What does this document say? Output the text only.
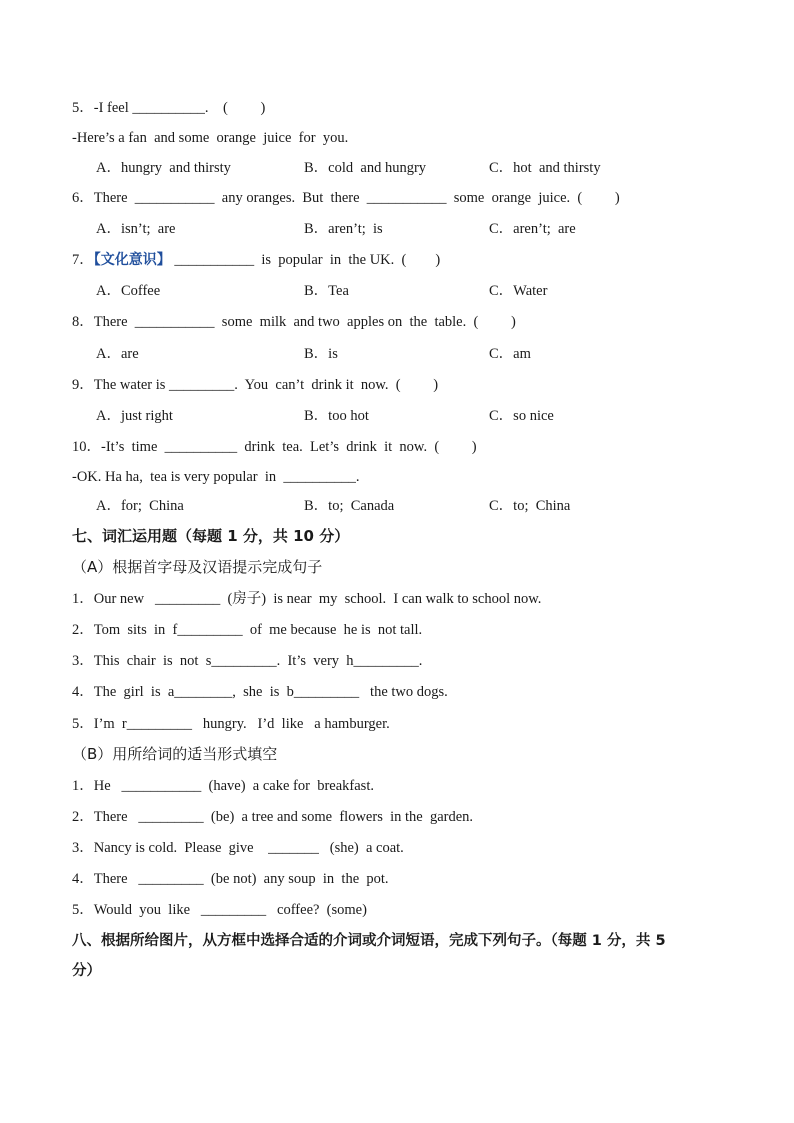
5．-I feel __________.    (         )
-Here’s a fan  and some  orange  juice  for  you.
A．hungry  and thirsty	B．cold  and hungry	C．hot  and thirsty
6．There  ___________  any oranges.  But  there  ___________  some  orange  juice.  (         )
A．isn’t;  are	B．aren’t;  is	C．aren’t;  are
7．【文化意识】 ___________  is  popular  in  the UK.  (        )
A．Coffee	B．Tea	C．Water
8．There  ___________  some  milk  and two  apples on  the  table.  (         )
A．are	B．is	C．am
9．The water is _________.  You  can’t  drink it  now.  (         )
A．just right	B．too hot	C．so nice
10．-It’s  time  __________  drink  tea.  Let’s  drink  it  now.  (         )
-OK. Ha ha,  tea is very popular  in  __________.
A．for;  China	B．to;  Canada	C．to;  China
七、词汇运用题（每题 1 分，共 10 分）
（A）根据首字母及汉语提示完成句子
1．Our new   _________  (房子)  is near  my  school.  I can walk to school now.
2．Tom  sits  in  f_________  of  me because  he is  not tall.
3．This  chair  is  not  s_________.  It’s  very  h_________.
4．The  girl  is  a________,  she  is  b_________   the two dogs.
5．I’m  r_________   hungry.   I’d  like   a hamburger.
（B）用所给词的适当形式填空
1．He   ___________  (have)  a cake for  breakfast.
2．There   _________  (be)  a tree and some  flowers  in the  garden.
3．Nancy is cold.  Please  give    _______   (she)  a coat.
4．There   _________  (be not)  any soup  in  the  pot.
5．Would  you  like   _________   coffee?  (some)
八、根据所给图片，从方框中选择合适的介词或介词短语，完成下列句子。（每题 1 分，共 5
分）
